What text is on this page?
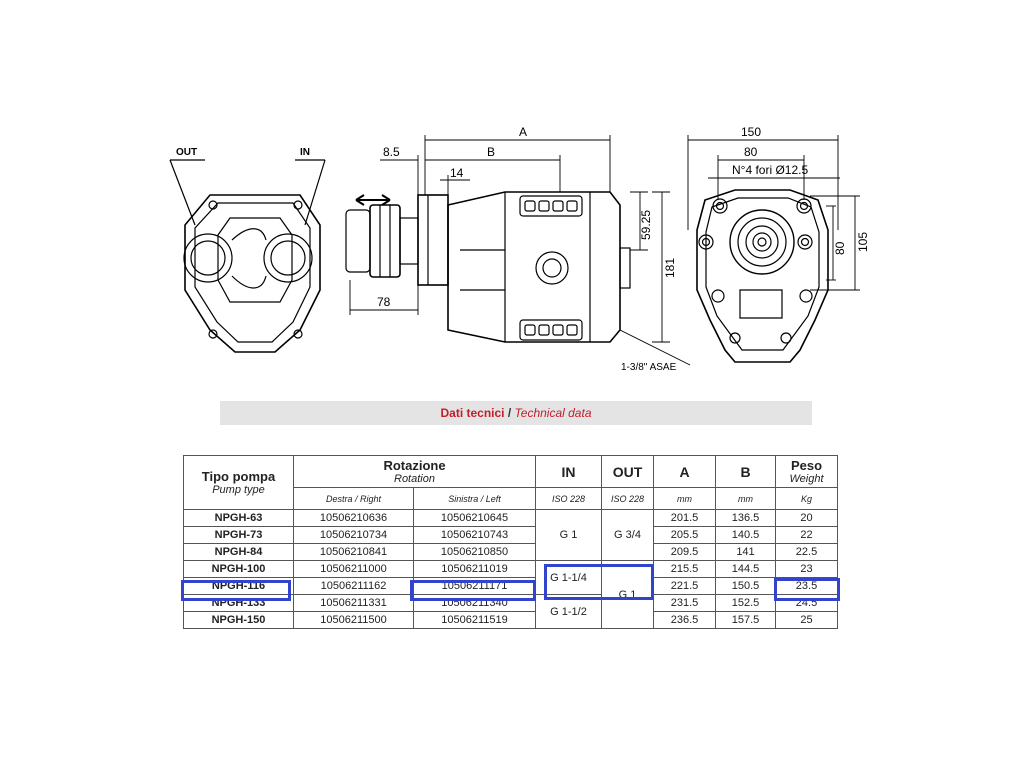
OUT	IN
A
B
8.5
14
78
59.25
181
150
80
N°4 fori Ø12.5
80 105
1-3/8" ASAE
Dati tecnici / Technical data
Tipo pompa
Pump type	Rotazione
Rotation		IN	OUT	A	B	Peso
Weight

	Destra / Right	Sinistra / Left	ISO 228	ISO 228	mm	mm	Kg
NPGH-63	10506210636	10506210645	G 1	G 3/4	201.5	136.5	20
NPGH-73	10506210734	10506210743			205.5	140.5	22
NPGH-84	10506210841	10506210850			209.5	141	22.5
NPGH-100	10506211000	10506211019	G 1-1/4	G 1	215.5	144.5	23
NPGH-116	10506211162	10506211171			221.5	150.5	23.5
NPGH-133	10506211331	10506211340	G 1-1/2		231.5	152.5	24.5
NPGH-150	10506211500	10506211519			236.5	157.5	25
